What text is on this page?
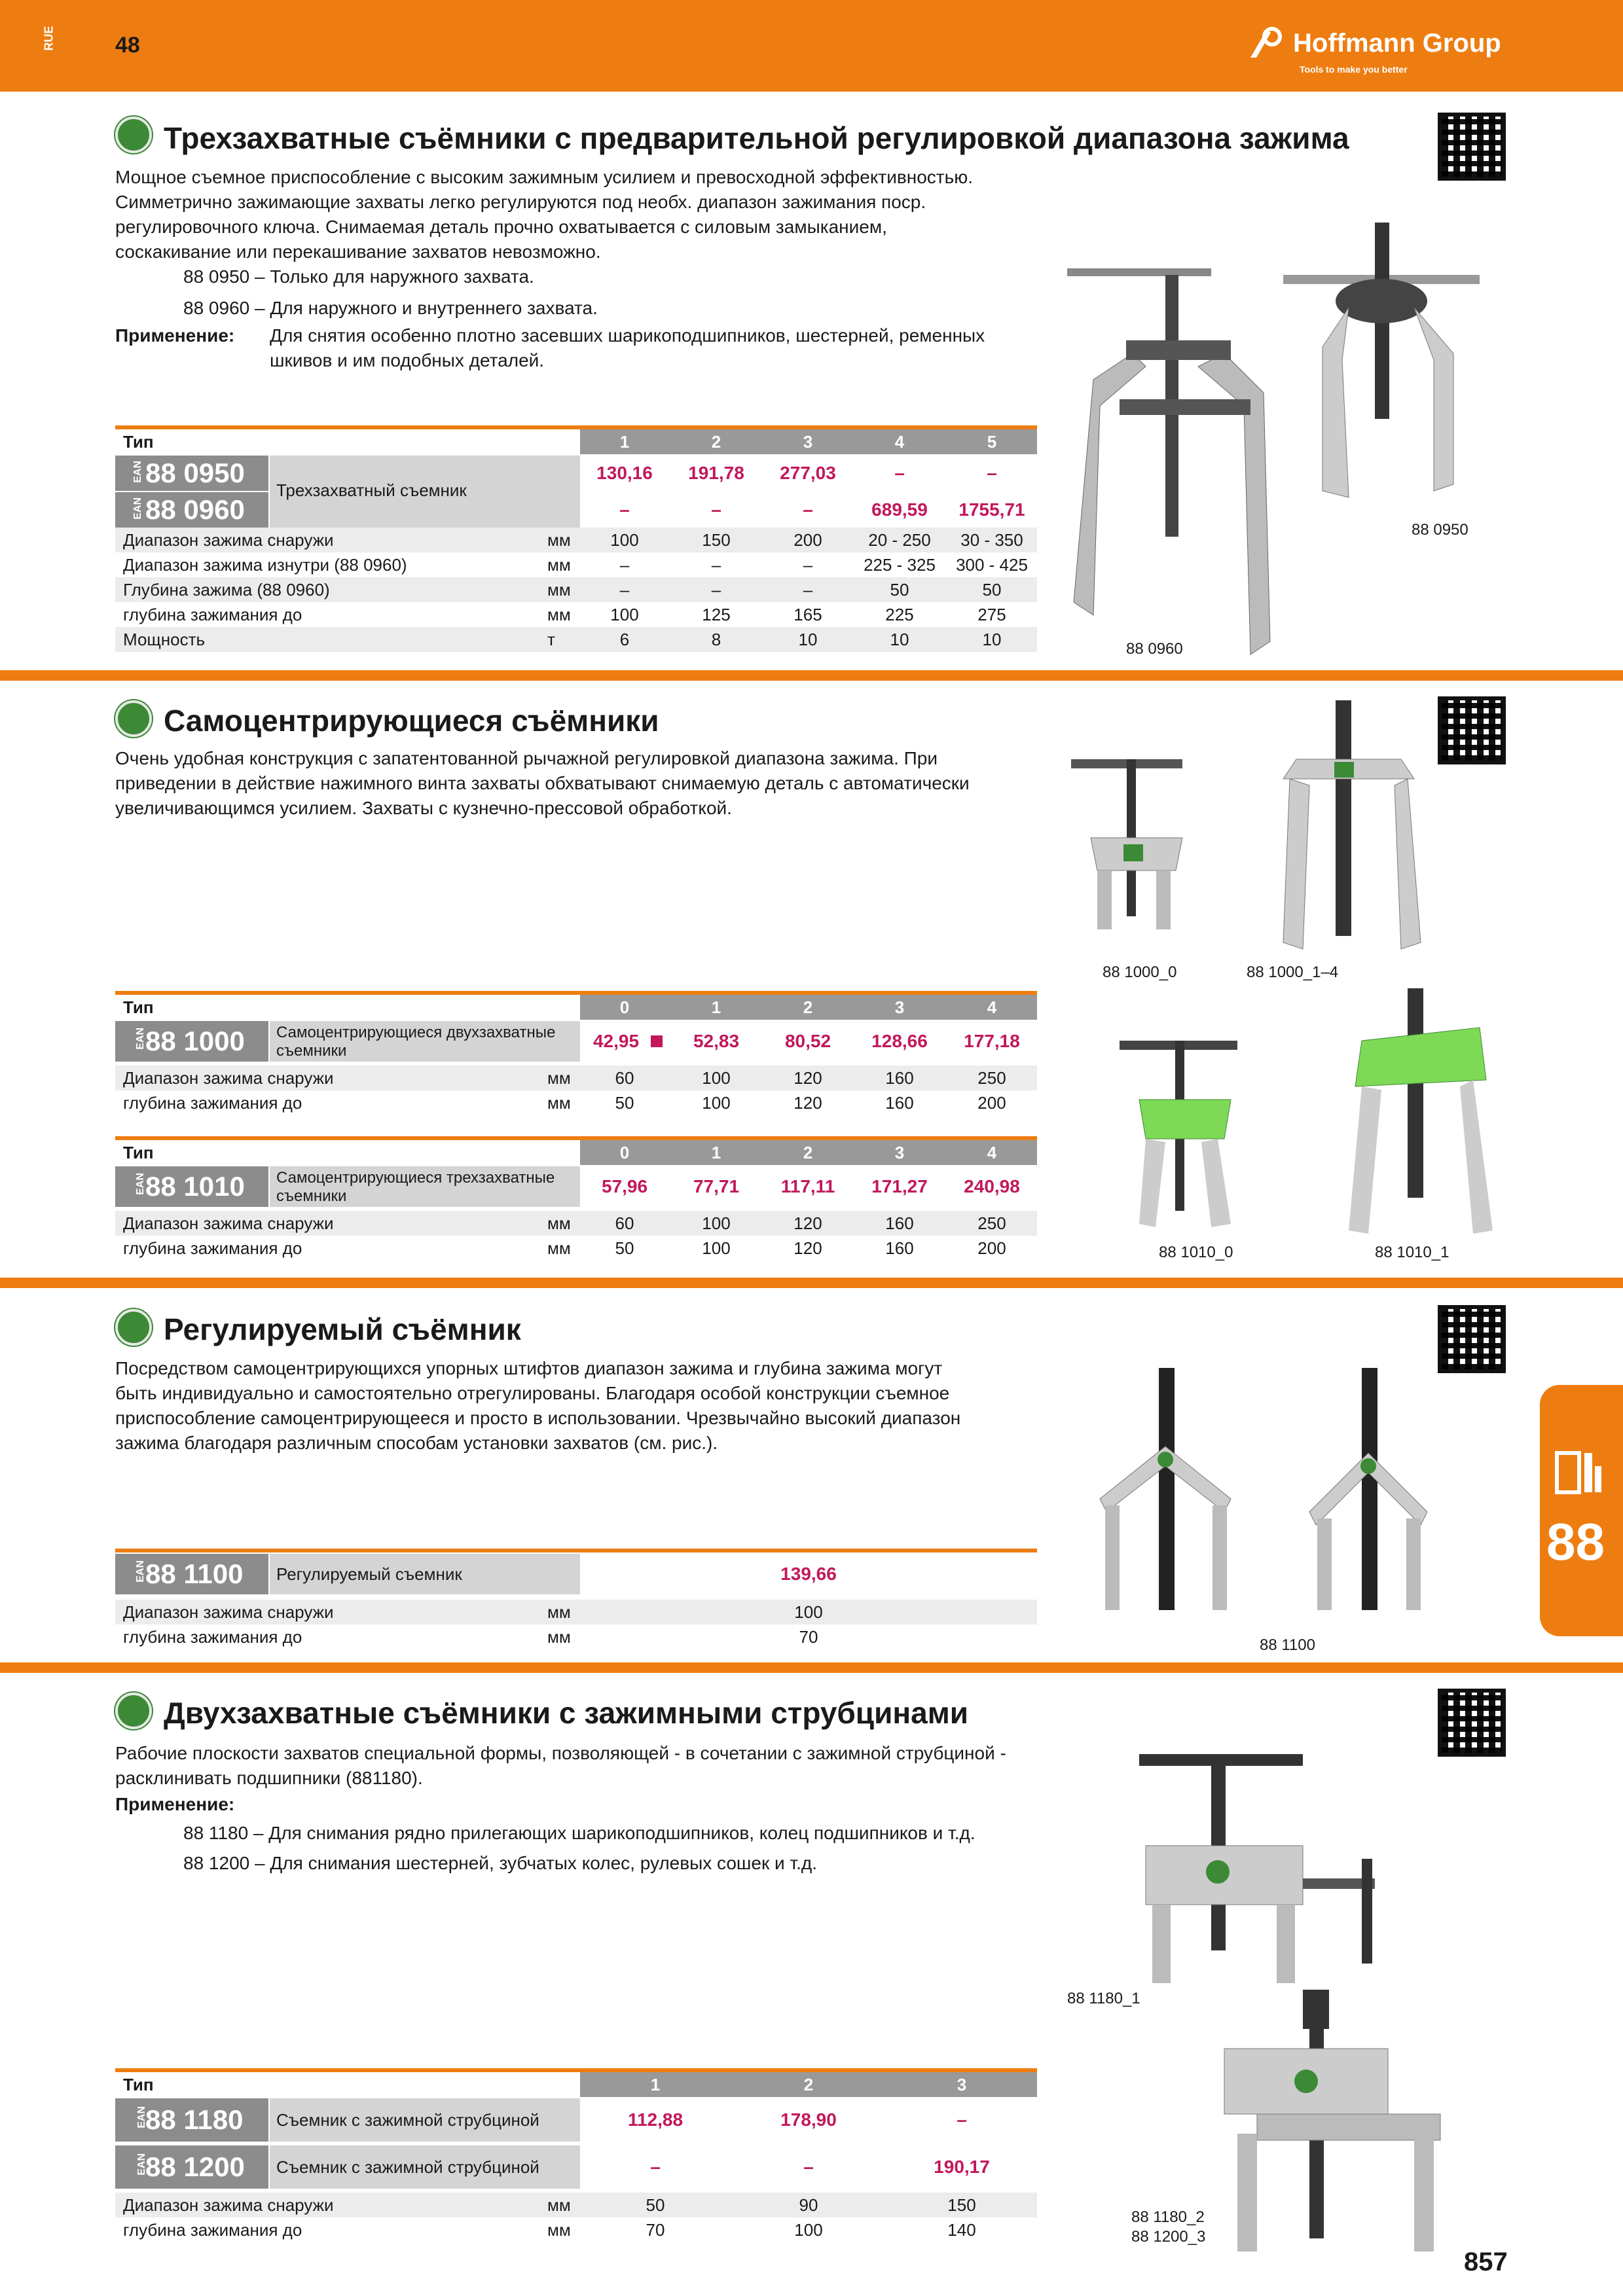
RUE	48	Hoffmann Group
Tools to make you better
Трехзахватные съёмники с предварительной регулировкой диапазона зажима
Мощное съемное приспособление с высоким зажимным усилием и превосходной эффективностью.
Симметрично зажимающие захваты легко регулируются под необх. диапазон зажимания поср.
регулировочного ключа. Снимаемая деталь прочно охватывается с силовым замыканием,
соскакивание или перекашивание захватов невозможно.
88 0950 – Только для наружного захвата.
88 0960 – Для наружного и внутреннего захвата.
Применение: Для снятия особенно плотно засевших шарикоподшипников, шестерней, ременных
шкивов и им подобных деталей.
Тип	1	2	3	4	5
Трехзахватный съемник
EAN 88 0950
EAN 88 0960
130,16	191,78	277,03	–	–
–	–	–	689,59	1755,71
Диапазон зажима снаружи	мм	100	150	200	20 - 250	30 - 350
Диапазон зажима изнутри (88 0960)	мм	–	–	–	225 - 325	300 - 425
Глубина зажима (88 0960)	мм	–	–	–	50	50
глубина зажимания до	мм	100	125	165	225	275
Мощность	т	6	8	10	10	10
88 0950
88 0960
Самоцентрирующиеся съёмники
Очень удобная конструкция с запатентованной рычажной регулировкой диапазона зажима. При
приведении в действие нажимного винта захваты обхватывают снимаемую деталь с автоматически
увеличивающимся усилием. Захваты с кузнечно-прессовой обработкой.
Тип	0	1	2	3	4
EAN 88 1000	Самоцентрирующиеся двухзахватные
съемники	42,95	52,83	80,52	128,66	177,18
Диапазон зажима снаружи	мм	60	100	120	160	250
глубина зажимания до	мм	50	100	120	160	200
Тип	0	1	2	3	4
EAN 88 1010	Самоцентрирующиеся трехзахватные
съемники	57,96	77,71	117,11	171,27	240,98
Диапазон зажима снаружи	мм	60	100	120	160	250
глубина зажимания до	мм	50	100	120	160	200
88 1000_0	88 1000_1–4
88 1010_0	88 1010_1
Регулируемый съёмник
Посредством самоцентрирующихся упорных штифтов диапазон зажима и глубина зажима могут
быть индивидуально и самостоятельно отрегулированы. Благодаря особой конструкции съемное
приспособление самоцентрирующееся и просто в использовании. Чрезвычайно высокий диапазон
зажима благодаря различным способам установки захватов (см. рис.).
EAN 88 1100	Регулируемый съемник	139,66
Диапазон зажима снаружи	мм	100
глубина зажимания до	мм	70	88 1100
88
Двухзахватные съёмники с зажимными струбцинами
Рабочие плоскости захватов специальной формы, позволяющей - в сочетании с зажимной струбциной -
расклинивать подшипники (881180).
Применение:
88 1180 – Для снимания рядно прилегающих шарикоподшипников, колец подшипников и т.д.
88 1200 – Для снимания шестерней, зубчатых колес, рулевых сошек и т.д.
Тип	1	2	3
EAN
88 1180	Съемник с зажимной струбциной	112,88	178,90	–
EAN
88 1200	Съемник с зажимной струбциной	–	–	190,17
Диапазон зажима снаружи	мм	50	90	150
глубина зажимания до	мм	70	100	140
88 1180_1
88 1180_2
88 1200_3
857
